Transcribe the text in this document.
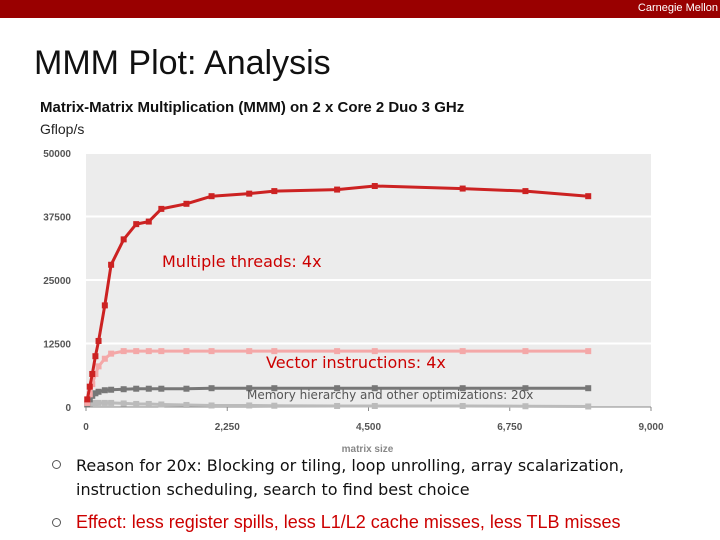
Carnegie Mellon
MMM Plot: Analysis
Matrix-Matrix Multiplication (MMM) on 2 x Core 2 Duo 3 GHz
Gflop/s
0	2,250	4,500	6,750	9,000
0
12500
25000
37500
50000
matrix size
Multiple threads: 4x
Vector instructions: 4x
Memory hierarchy and other optimizations: 20x
Reason for 20x: Blocking or tiling, loop unrolling, array scalarization, instruction scheduling, search to find best choice
Effect: less register spills, less L1/L2 cache misses, less TLB misses
